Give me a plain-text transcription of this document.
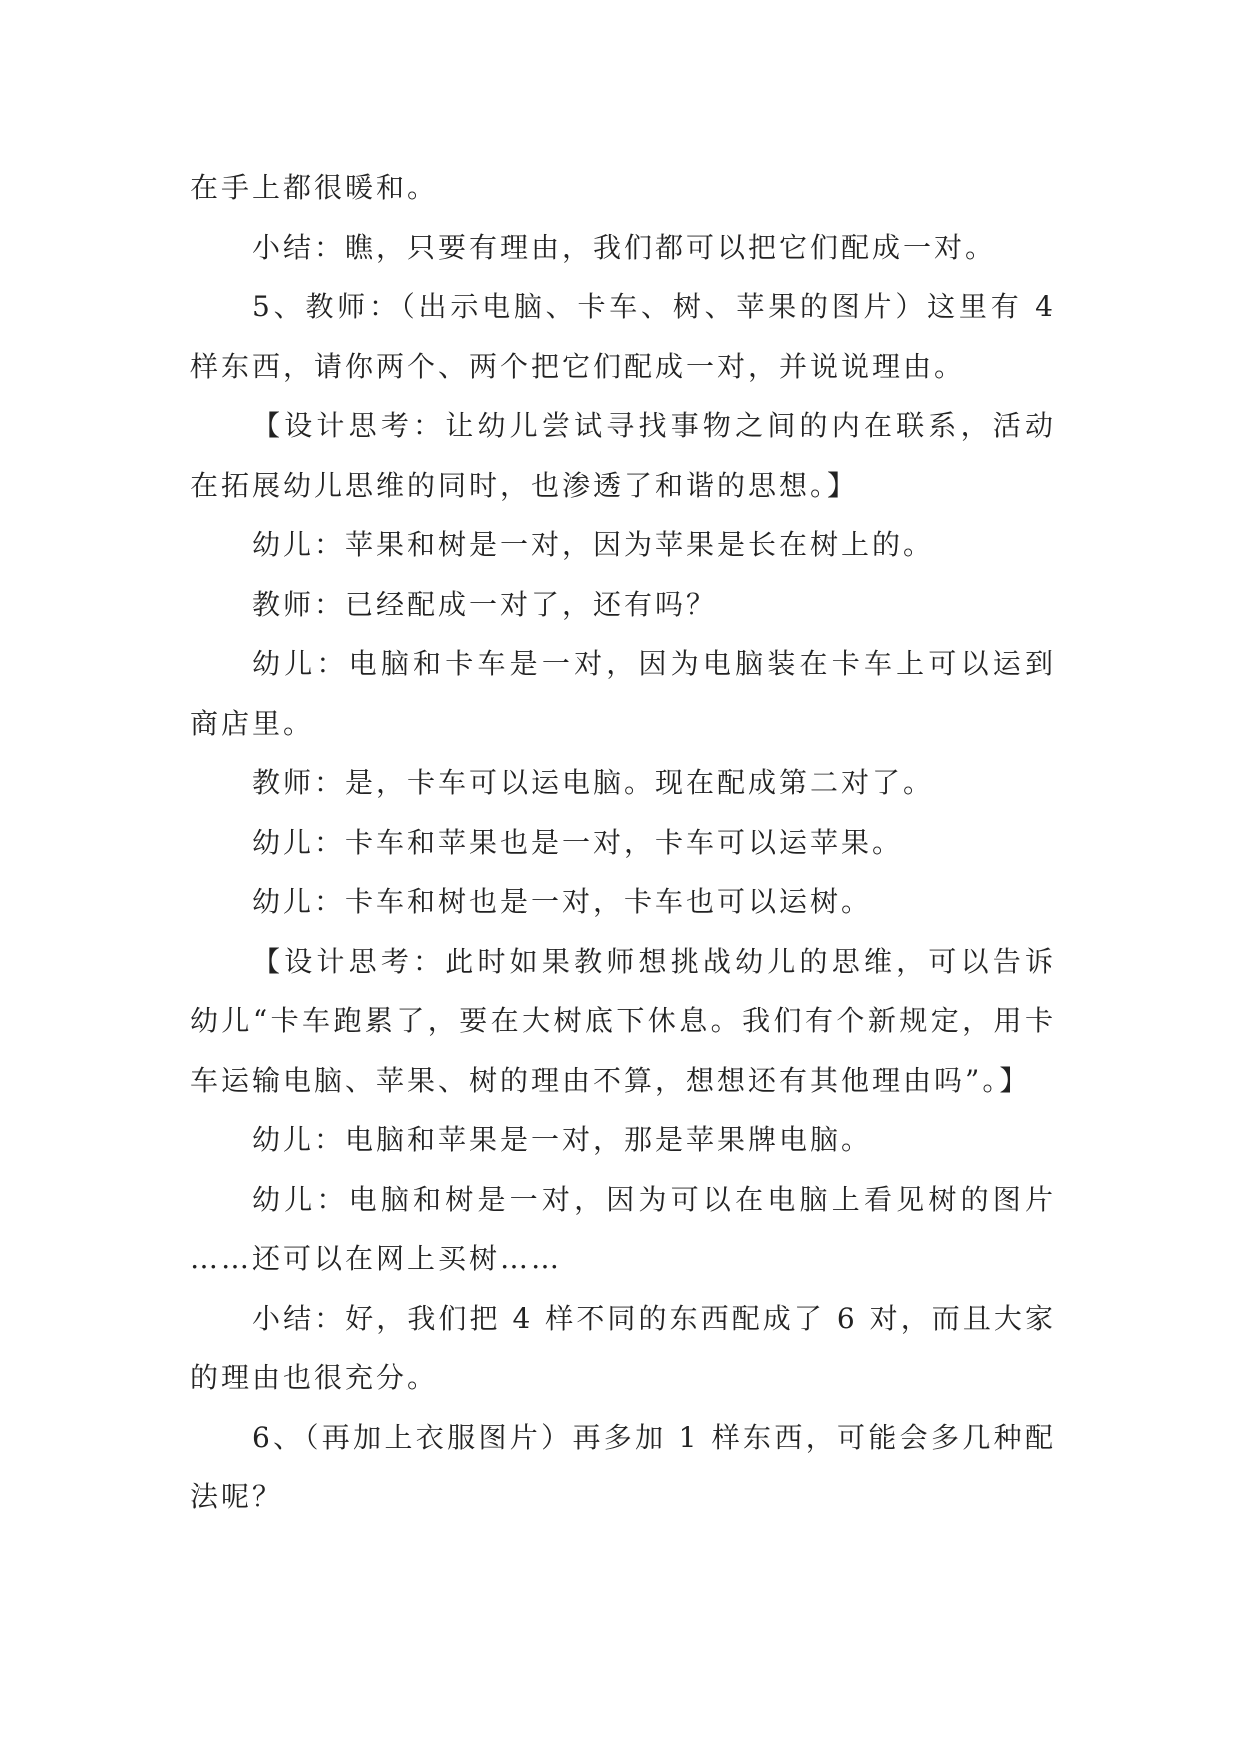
在手上都很暖和。

小结：瞧，只要有理由，我们都可以把它们配成一对。

5、教师：（出示电脑、卡车、树、苹果的图片）这里有 4 样东西，请你两个、两个把它们配成一对，并说说理由。

【设计思考：让幼儿尝试寻找事物之间的内在联系，活动在拓展幼儿思维的同时，也渗透了和谐的思想。】

幼儿：苹果和树是一对，因为苹果是长在树上的。

教师：已经配成一对了，还有吗？

幼儿：电脑和卡车是一对，因为电脑装在卡车上可以运到商店里。

教师：是，卡车可以运电脑。现在配成第二对了。

幼儿：卡车和苹果也是一对，卡车可以运苹果。

幼儿：卡车和树也是一对，卡车也可以运树。

【设计思考：此时如果教师想挑战幼儿的思维，可以告诉幼儿“卡车跑累了，要在大树底下休息。我们有个新规定，用卡车运输电脑、苹果、树的理由不算，想想还有其他理由吗”。】

幼儿：电脑和苹果是一对，那是苹果牌电脑。

幼儿：电脑和树是一对，因为可以在电脑上看见树的图片……还可以在网上买树……

小结：好，我们把 4 样不同的东西配成了 6 对，而且大家的理由也很充分。

6、（再加上衣服图片）再多加 1 样东西，可能会多几种配法呢？
